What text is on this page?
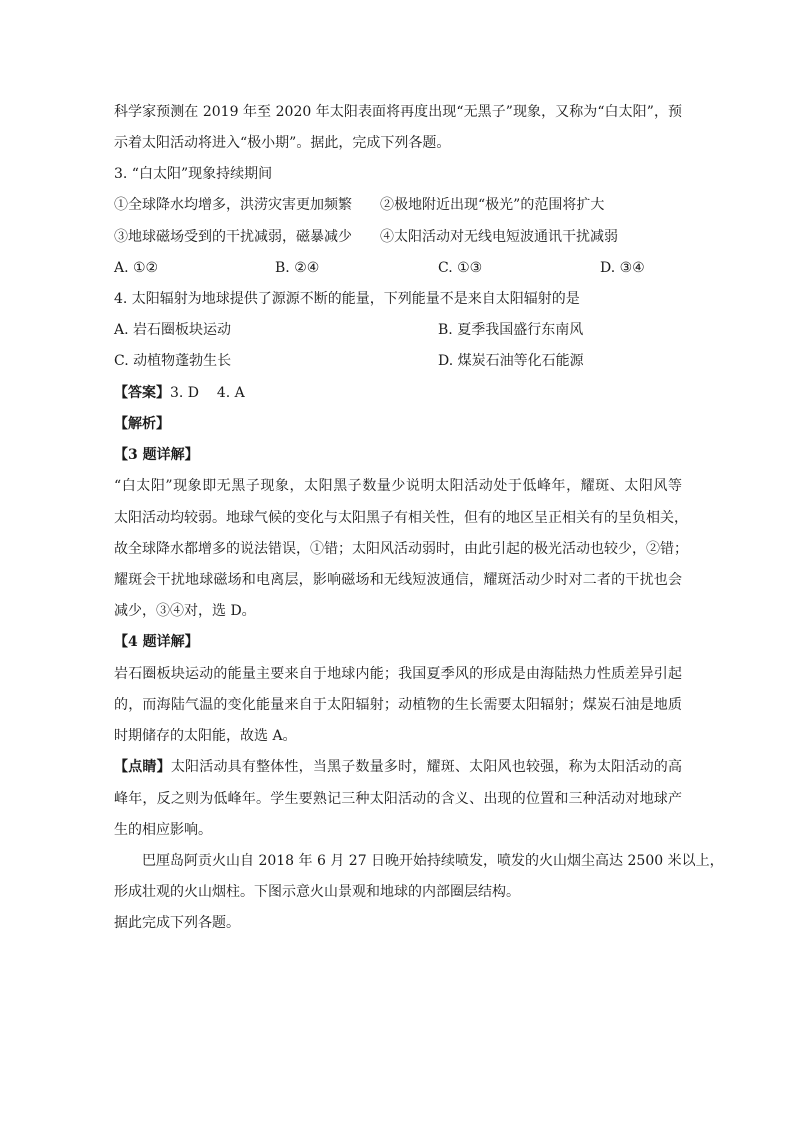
科学家预测在 2019 年至 2020 年太阳表面将再度出现“无黑子”现象，又称为“白太阳”，预
示着太阳活动将进入“极小期”。据此，完成下列各题。
3. “白太阳”现象持续期间
①全球降水均增多，洪涝灾害更加频繁 ②极地附近出现“极光”的范围将扩大
③地球磁场受到的干扰减弱，磁暴减少 ④太阳活动对无线电短波通讯干扰减弱
A. ①②	B. ②④	C. ①③	D. ③④
4. 太阳辐射为地球提供了源源不断的能量，下列能量不是来自太阳辐射的是
A. 岩石圈板块运动	B. 夏季我国盛行东南风
C. 动植物蓬勃生长	D. 煤炭石油等化石能源
【答案】3. D    4. A
【解析】
【3 题详解】
“白太阳”现象即无黑子现象，太阳黑子数量少说明太阳活动处于低峰年，耀斑、太阳风等
太阳活动均较弱。地球气候的变化与太阳黑子有相关性，但有的地区呈正相关有的呈负相关，
故全球降水都增多的说法错误，①错；太阳风活动弱时，由此引起的极光活动也较少，②错；
耀斑会干扰地球磁场和电离层，影响磁场和无线短波通信，耀斑活动少时对二者的干扰也会
减少，③④对，选 D。
【4 题详解】
岩石圈板块运动的能量主要来自于地球内能；我国夏季风的形成是由海陆热力性质差异引起
的，而海陆气温的变化能量来自于太阳辐射；动植物的生长需要太阳辐射；煤炭石油是地质
时期储存的太阳能，故选 A。
【点睛】太阳活动具有整体性，当黑子数量多时，耀斑、太阳风也较强，称为太阳活动的高
峰年，反之则为低峰年。学生要熟记三种太阳活动的含义、出现的位置和三种活动对地球产
生的相应影响。
巴厘岛阿贡火山自 2018 年 6 月 27 日晚开始持续喷发，喷发的火山烟尘高达 2500 米以上，
形成壮观的火山烟柱。下图示意火山景观和地球的内部圈层结构。
据此完成下列各题。
